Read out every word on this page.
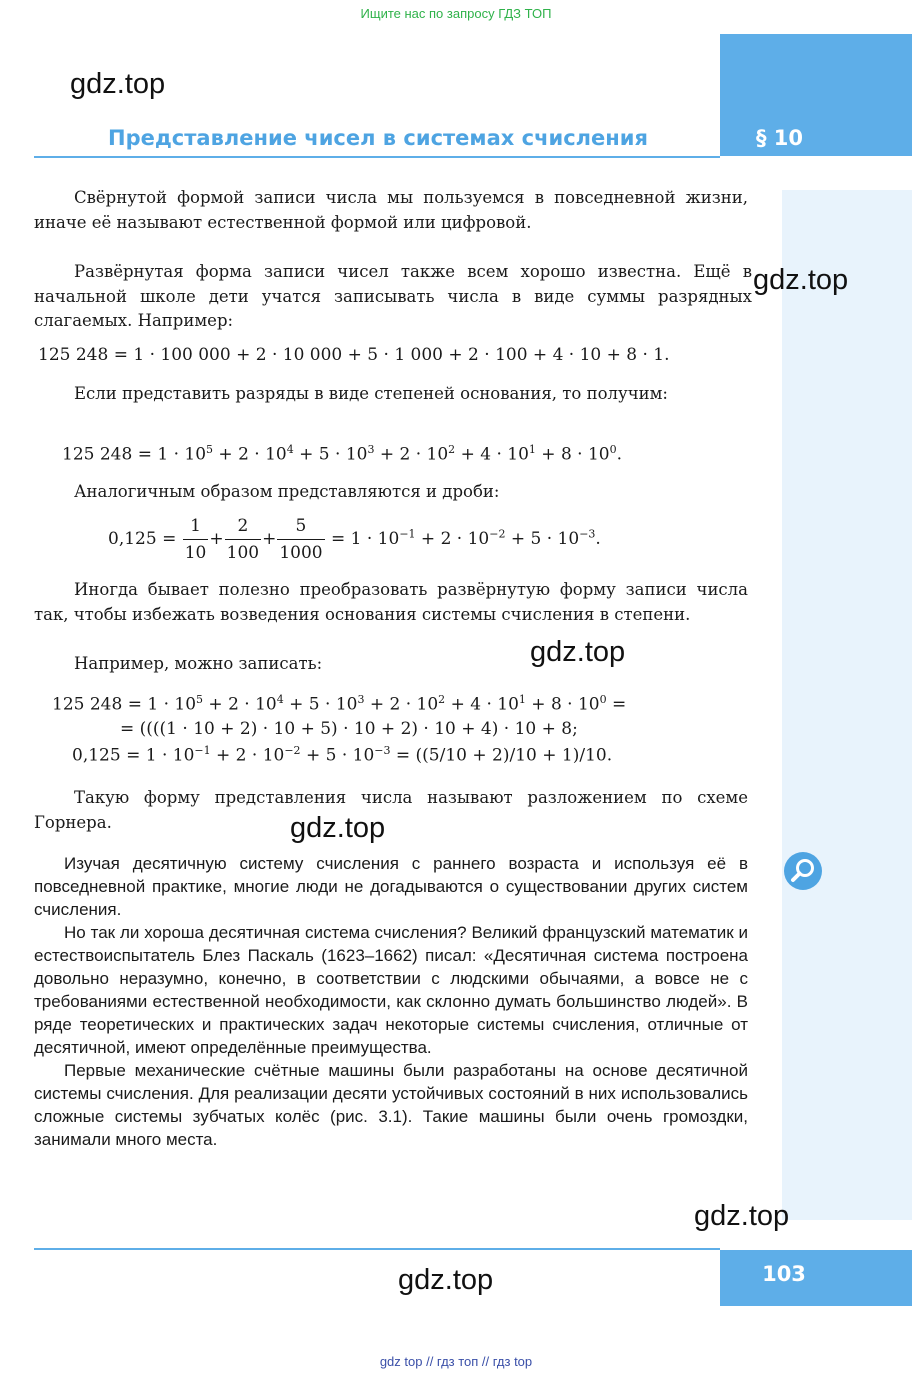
Ищите нас по запросу ГДЗ ТОП
gdz.top
Представление чисел в системах счисления	§ 10
Свёрнутой формой записи числа мы пользуемся в повседневной жизни, иначе её называют естественной формой или цифровой.
Развёрнутая форма записи чисел также всем хорошо известна. Ещё в начальной школе дети учатся записывать числа в виде суммы разрядных слагаемых. Например:
gdz.top
125 248 = 1 · 100 000 + 2 · 10 000 + 5 · 1 000 + 2 · 100 + 4 · 10 + 8 · 1.
Если представить разряды в виде степеней основания, то получим:
125 $248 = 1 \cdot 10^5 + 2 \cdot 10^4 + 5 \cdot 10^3 + 2 \cdot 10^2 + 4 \cdot 10^1 + 8 \cdot 10^0$.
Аналогичным образом представляются и дроби:
$0,125 = \frac{1}{10} + \frac{2}{100} + \frac{5}{1000} = 1 \cdot 10^{-1} + 2 \cdot 10^{-2} + 5 \cdot 10^{-3}$.
Иногда бывает полезно преобразовать развёрнутую форму записи числа так, чтобы избежать возведения основания системы счисления в степени.
Например, можно записать:	gdz.top
125 $248 = 1 \cdot 10^5 + 2 \cdot 10^4 + 5 \cdot 10^3 + 2 \cdot 10^2 + 4 \cdot 10^1 + 8 \cdot 10^0$ =
= ((((1 · 10 + 2) · 10 + 5) · 10 + 2) · 10 + 4) · 10 + 8;
$0,125 = 1 \cdot 10^{-1} + 2 \cdot 10^{-2} + 5 \cdot 10^{-3} = ((5/10 + 2)/10 + 1)/10$.
Такую форму представления числа называют разложением по схеме Горнера.	gdz.top
Изучая десятичную систему счисления с раннего возраста и используя её в повседневной практике, многие люди не догадываются о существовании других систем счисления.
Но так ли хороша десятичная система счисления? Великий французский математик и естествоиспытатель Блез Паскаль (1623–1662) писал: «Десятичная система построена довольно неразумно, конечно, в соответствии с людскими обычаями, а вовсе не с требованиями естественной необходимости, как склонно думать большинство людей». В ряде теоретических и практических задач некоторые системы счисления, отличные от десятичной, имеют определённые преимущества.
Первые механические счётные машины были разработаны на основе десятичной системы счисления. Для реализации десяти устойчивых состояний в них использовались сложные системы зубчатых колёс (рис. 3.1). Такие машины были очень громоздки, занимали много места.
gdz.top
103
gdz.top
gdz top // гдз топ // гдз top
